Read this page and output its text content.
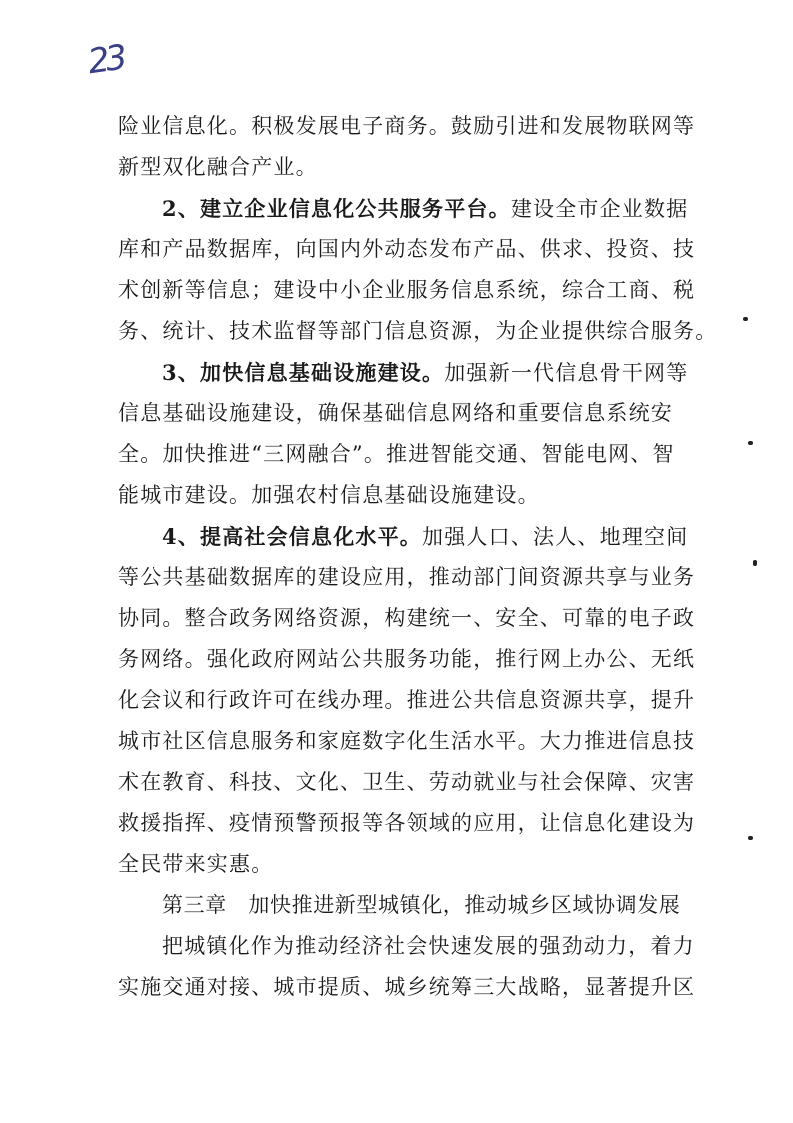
23
险业信息化。积极发展电子商务。鼓励引进和发展物联网等
新型双化融合产业。
2、建立企业信息化公共服务平台。建设全市企业数据
库和产品数据库，向国内外动态发布产品、供求、投资、技
术创新等信息；建设中小企业服务信息系统，综合工商、税
务、统计、技术监督等部门信息资源，为企业提供综合服务。
3、加快信息基础设施建设。加强新一代信息骨干网等
信息基础设施建设，确保基础信息网络和重要信息系统安
全。加快推进“三网融合”。推进智能交通、智能电网、智
能城市建设。加强农村信息基础设施建设。
4、提高社会信息化水平。加强人口、法人、地理空间
等公共基础数据库的建设应用，推动部门间资源共享与业务
协同。整合政务网络资源，构建统一、安全、可靠的电子政
务网络。强化政府网站公共服务功能，推行网上办公、无纸
化会议和行政许可在线办理。推进公共信息资源共享，提升
城市社区信息服务和家庭数字化生活水平。大力推进信息技
术在教育、科技、文化、卫生、劳动就业与社会保障、灾害
救援指挥、疫情预警预报等各领域的应用，让信息化建设为
全民带来实惠。
第三章　加快推进新型城镇化，推动城乡区域协调发展
把城镇化作为推动经济社会快速发展的强劲动力，着力
实施交通对接、城市提质、城乡统筹三大战略，显著提升区
